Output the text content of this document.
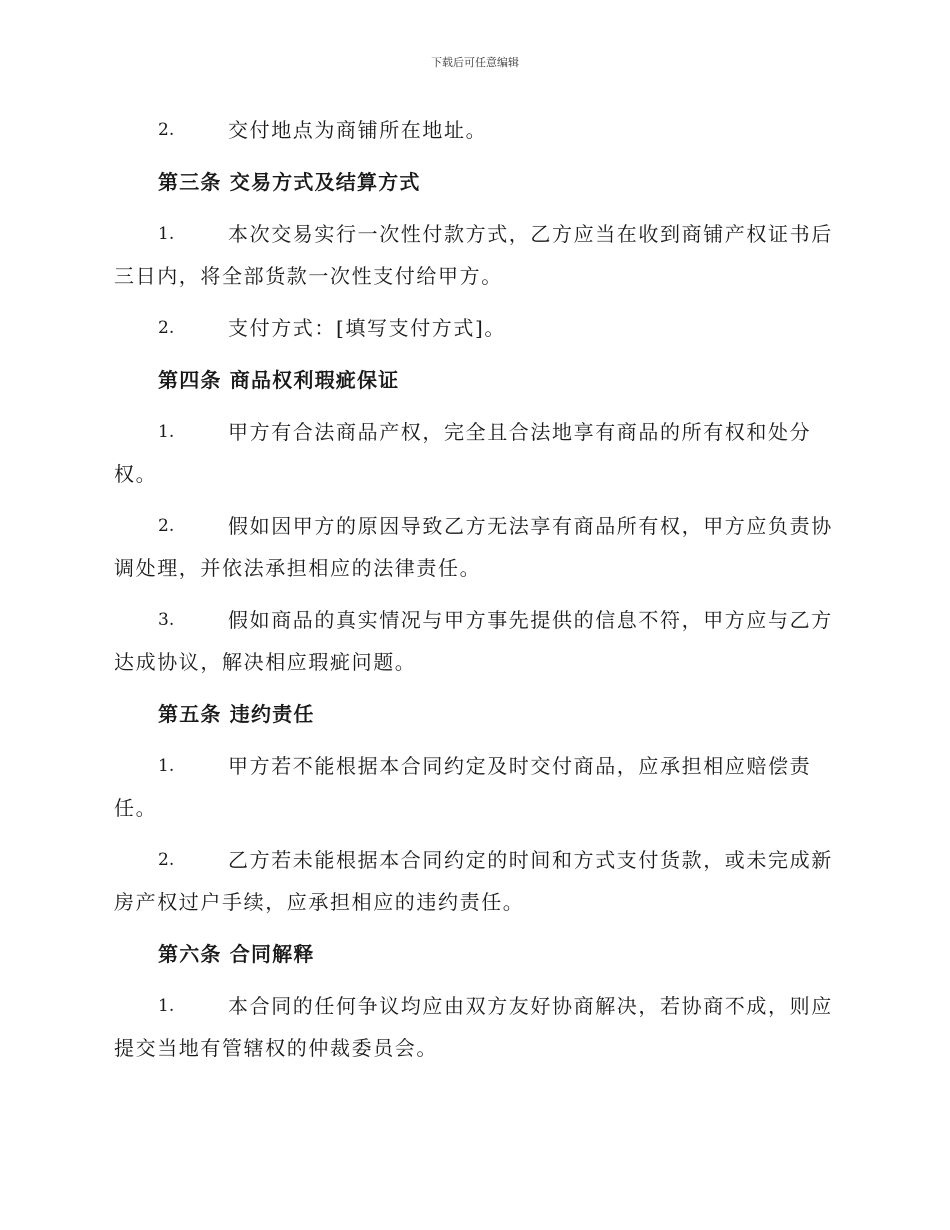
下载后可任意编辑
2.	交付地点为商铺所在地址。
第三条 交易方式及结算方式
1.	本次交易实行一次性付款方式，乙方应当在收到商铺产权证书后
三日内，将全部货款一次性支付给甲方。
2.	支付方式：[填写支付方式]。
第四条 商品权利瑕疵保证
1.	甲方有合法商品产权，完全且合法地享有商品的所有权和处分
权。
2.	假如因甲方的原因导致乙方无法享有商品所有权，甲方应负责协
调处理，并依法承担相应的法律责任。
3.	假如商品的真实情况与甲方事先提供的信息不符，甲方应与乙方
达成协议，解决相应瑕疵问题。
第五条 违约责任
1.	甲方若不能根据本合同约定及时交付商品，应承担相应赔偿责
任。
2.	乙方若未能根据本合同约定的时间和方式支付货款，或未完成新
房产权过户手续，应承担相应的违约责任。
第六条 合同解释
1.	本合同的任何争议均应由双方友好协商解决，若协商不成，则应
提交当地有管辖权的仲裁委员会。
